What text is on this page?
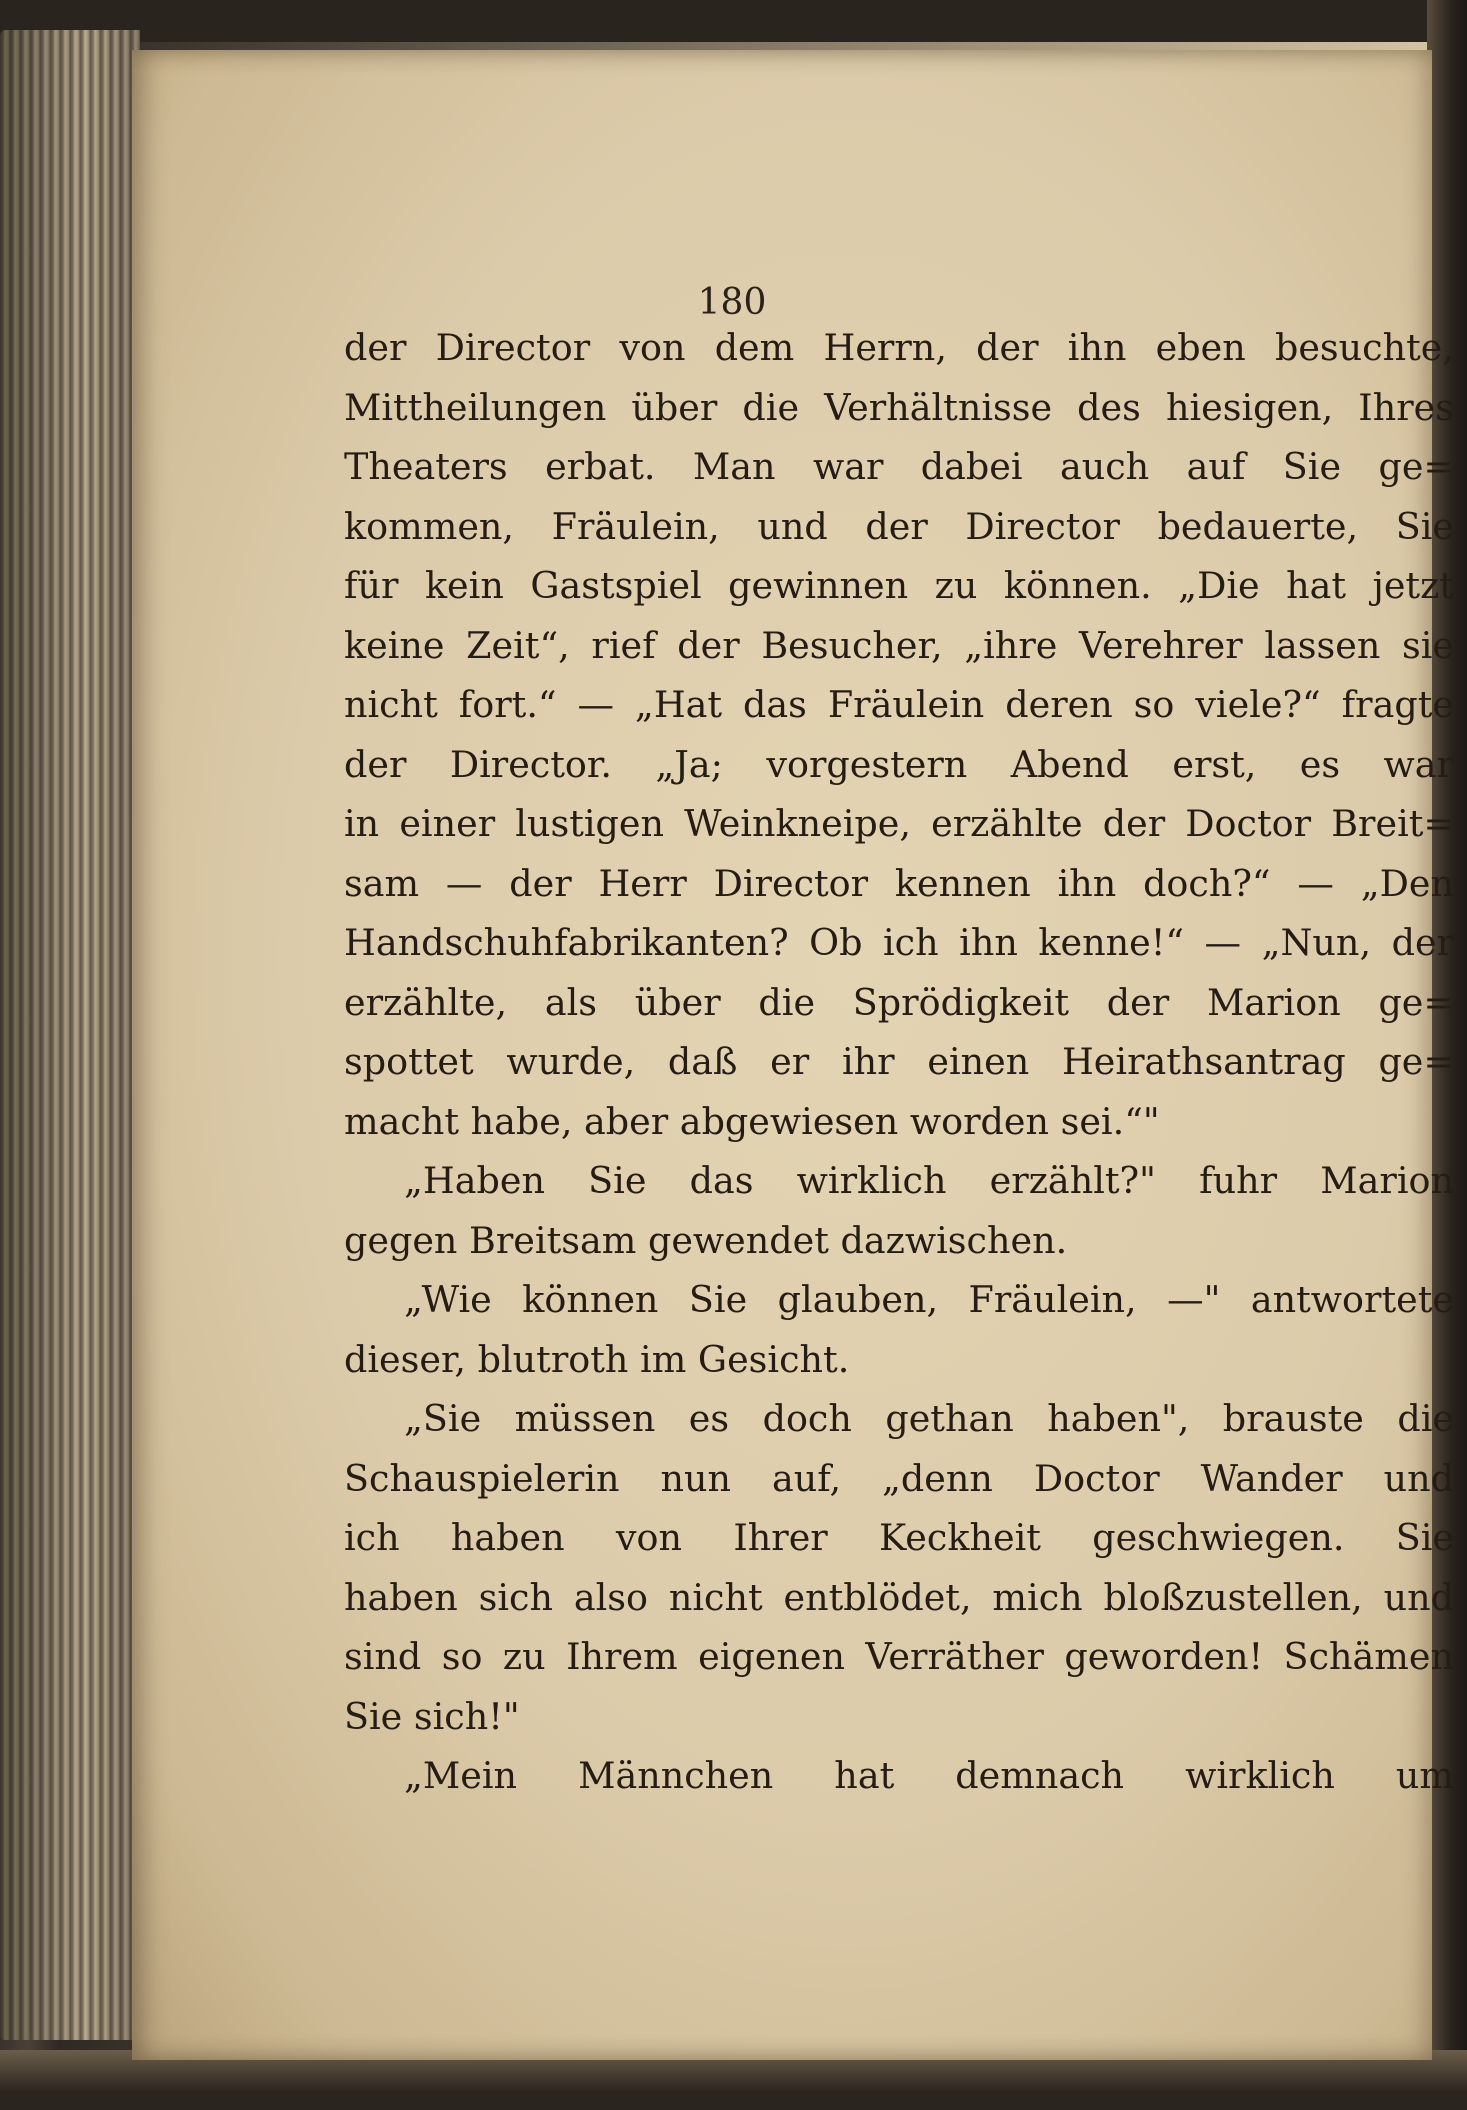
180

der Director von dem Herrn, der ihn eben besuchte,
Mittheilungen über die Verhältnisse des hiesigen, Ihres
Theaters erbat. Man war dabei auch auf Sie ge=
kommen, Fräulein, und der Director bedauerte, Sie
für kein Gastspiel gewinnen zu können. „Die hat jetzt
keine Zeit“, rief der Besucher, „ihre Verehrer lassen sie
nicht fort.“ — „Hat das Fräulein deren so viele?“ fragte
der Director. „Ja; vorgestern Abend erst, es war
in einer lustigen Weinkneipe, erzählte der Doctor Breit=
sam — der Herr Director kennen ihn doch?“ — „Den
Handschuhfabrikanten? Ob ich ihn kenne!“ — „Nun, der
erzählte, als über die Sprödigkeit der Marion ge=
spottet wurde, daß er ihr einen Heirathsantrag ge=
macht habe, aber abgewiesen worden sei.“"
„Haben Sie das wirklich erzählt?" fuhr Marion
gegen Breitsam gewendet dazwischen.
„Wie können Sie glauben, Fräulein, —" antwortete
dieser, blutroth im Gesicht.
„Sie müssen es doch gethan haben", brauste die
Schauspielerin nun auf, „denn Doctor Wander und
ich haben von Ihrer Keckheit geschwiegen. Sie
haben sich also nicht entblödet, mich bloßzustellen, und
sind so zu Ihrem eigenen Verräther geworden! Schämen
Sie sich!"
„Mein Männchen hat demnach wirklich um
